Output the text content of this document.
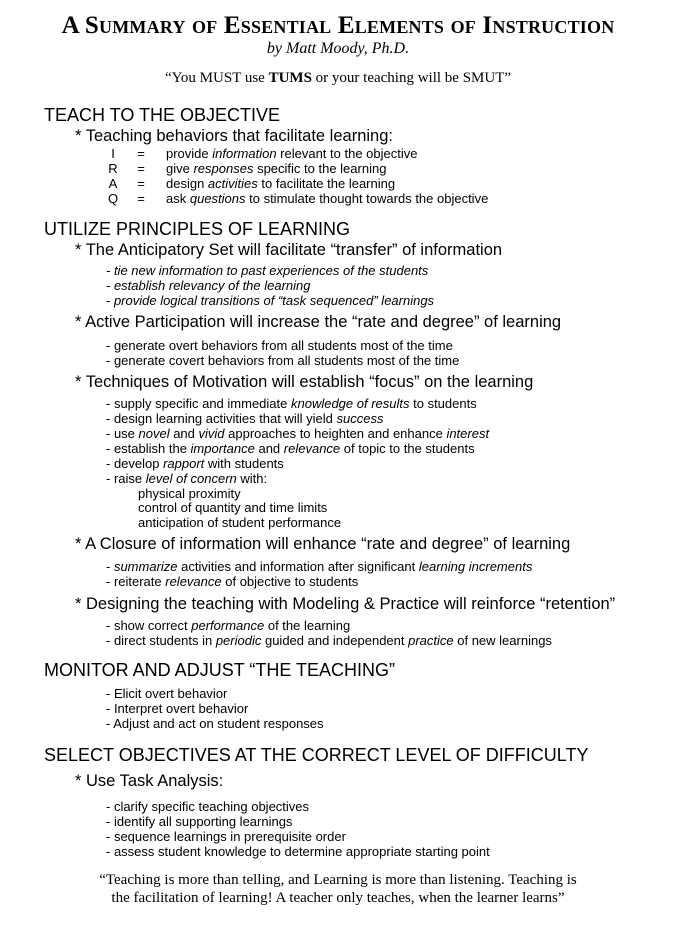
A Summary of Essential Elements of Instruction
by Matt Moody, Ph.D.
“You MUST use TUMS or your teaching will be SMUT”
TEACH TO THE OBJECTIVE
* Teaching behaviors that facilitate learning:
I	= provide information relevant to the objective
R = give responses specific to the learning
A = design activities to facilitate the learning
Q = ask questions to stimulate thought towards the objective
UTILIZE PRINCIPLES OF LEARNING
* The Anticipatory Set will facilitate “transfer” of information
- tie new information to past experiences of the students
- establish relevancy of the learning
- provide logical transitions of “task sequenced” learnings
* Active Participation will increase the “rate and degree” of learning
- generate overt behaviors from all students most of the time
- generate covert behaviors from all students most of the time
* Techniques of Motivation will establish “focus” on the learning
- supply specific and immediate knowledge of results to students
- design learning activities that will yield success
- use novel and vivid approaches to heighten and enhance interest
- establish the importance and relevance of topic to the students
- develop rapport with students
- raise level of concern with:
physical proximity
control of quantity and time limits
anticipation of student performance
* A Closure of information will enhance “rate and degree” of learning
- summarize activities and information after significant learning increments
- reiterate relevance of objective to students
* Designing the teaching with Modeling & Practice will reinforce “retention”
- show correct performance of the learning
- direct students in periodic guided and independent practice of new learnings
MONITOR AND ADJUST “THE TEACHING”
- Elicit overt behavior
- Interpret overt behavior
- Adjust and act on student responses
SELECT OBJECTIVES AT THE CORRECT LEVEL OF DIFFICULTY
* Use Task Analysis:
- clarify specific teaching objectives
- identify all supporting learnings
- sequence learnings in prerequisite order
- assess student knowledge to determine appropriate starting point
“Teaching is more than telling, and Learning is more than listening. Teaching is
the facilitation of learning! A teacher only teaches, when the learner learns”
